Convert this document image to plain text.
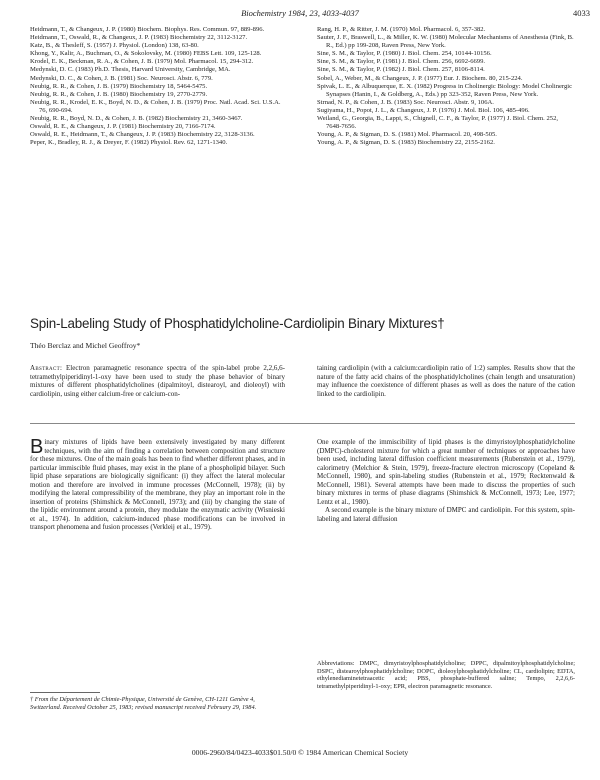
Biochemistry 1984, 23, 4033-4037	4033

Heidmann, T., & Changeux, J. P. (1980) Biochem. Biophys. Res. Commun. 97, 889-896.

Heidmann, T., Oswald, R., & Changeux, J. P. (1983) Biochemistry 22, 3112-3127.

Katz, B., & Thesleff, S. (1957) J. Physiol. (London) 138, 63-80.

Khong, Y., Kalir, A., Buchman, O., & Sokolovsky, M. (1980) FEBS Lett. 109, 125-128.

Krodel, E. K., Beckman, R. A., & Cohen, J. B. (1979) Mol. Pharmacol. 15, 294-312.

Medynski, D. C. (1983) Ph.D. Thesis, Harvard University, Cambridge, MA.

Medynski, D. C., & Cohen, J. B. (1981) Soc. Neurosci. Abstr. 6, 779.

Neubig, R. R., & Cohen, J. B. (1979) Biochemistry 18, 5464-5475.

Neubig, R. R., & Cohen, J. B. (1980) Biochemistry 19, 2770-2779.

Neubig, R. R., Krodel, E. K., Boyd, N. D., & Cohen, J. B. (1979) Proc. Natl. Acad. Sci. U.S.A. 76, 690-694.

Neubig, R. R., Boyd, N. D., & Cohen, J. B. (1982) Biochemistry 21, 3460-3467.

Oswald, R. E., & Changeux, J. P. (1981) Biochemistry 20, 7166-7174.

Oswald, R. E., Heidmann, T., & Changeux, J. P. (1983) Biochemistry 22, 3128-3136.

Peper, K., Bradley, R. J., & Dreyer, F. (1982) Physiol. Rev. 62, 1271-1340.

Rang, H. P., & Ritter, J. M. (1970) Mol. Pharmacol. 6, 357-382.

Sauter, J. F., Braswell, L., & Miller, K. W. (1980) Molecular Mechanisms of Anesthesia (Fink, B. R., Ed.) pp 199-208, Raven Press, New York.

Sine, S. M., & Taylor, P. (1980) J. Biol. Chem. 254, 10144-10156.

Sine, S. M., & Taylor, P. (1981) J. Biol. Chem. 256, 6692-6699.

Sine, S. M., & Taylor, P. (1982) J. Biol. Chem. 257, 8106-8114.

Sobel, A., Weber, M., & Changeux, J. P. (1977) Eur. J. Biochem. 80, 215-224.

Spivak, L. E., & Albuquerque, E. X. (1982) Progress in Cholinergic Biology: Model Cholinergic Synapses (Hanin, I., & Goldberg, A., Eds.) pp 323-352, Raven Press, New York.

Strnad, N. P., & Cohen, J. B. (1983) Soc. Neurosci. Abstr. 9, 106A.

Sugiyama, H., Popot, J. L., & Changeux, J. P. (1976) J. Mol. Biol. 106, 485-496.

Weiland, G., Georgia, B., Lappi, S., Chignell, C. F., & Taylor, P. (1977) J. Biol. Chem. 252, 7648-7656.

Young, A. P., & Sigman, D. S. (1981) Mol. Pharmacol. 20, 498-505.

Young, A. P., & Sigman, D. S. (1983) Biochemistry 22, 2155-2162.

Spin-Labeling Study of Phosphatidylcholine-Cardiolipin Binary Mixtures†
Théo Berclaz and Michel Geoffroy*
Abstract: Electron paramagnetic resonance spectra of the spin-label probe 2,2,6,6-tetramethylpiperidinyl-1-oxy have been used to study the phase behavior of binary mixtures of different phosphatidylcholines (dipalmitoyl, distearoyl, and dioleoyl) with cardiolipin, using either calcium-free or calcium-con-
taining cardiolipin (with a calcium:cardiolipin ratio of 1:2) samples. Results show that the nature of the fatty acid chains of the phosphatidylcholines (chain length and unsaturation) may influence the coexistence of different phases as well as does the nature of the cation linked to the cardiolipin.
Binary mixtures of lipids have been extensively investigated by many different techniques, with the aim of finding a correlation between composition and structure for these mixtures. One of the main goals has been to find whether different phases, and in particular immiscible fluid phases, may exist in the plane of a phospholipid bilayer. Such lipid phase separations are biologically significant: (i) they affect the lateral molecular motion and therefore are involved in immune processes (McConnell, 1978); (ii) by modifying the lateral compressibility of the membrane, they play an important role in the insertion of proteins (Shimshick & McConnell, 1973); and (iii) by changing the state of the lipidic environment around a protein, they modulate the enzymatic activity (Wisnieski et al., 1974). In addition, calcium-induced phase modifications can be involved in transport phenomena and fusion processes (Verkleij et al., 1979).

One example of the immiscibility of lipid phases is the dimyristoylphosphatidylcholine (DMPC)-cholesterol mixture for which a great number of techniques or approaches have been used, including lateral diffusion coefficient measurements (Rubenstein et al., 1979), calorimetry (Melchior & Stein, 1979), freeze-fracture electron microscopy (Copeland & McConnell, 1980), and spin-labeling studies (Rubenstein et al., 1979; Recktenwald & McConnell, 1981). Several attempts have been made to discuss the properties of such binary mixtures in terms of phase diagrams (Shimshick & McConnell, 1973; Lee, 1977; Lentz et al., 1980).

A second example is the binary mixture of DMPC and cardiolipin. For this system, spin-labeling and lateral diffusion

Abbreviations: DMPC, dimyristoylphosphatidylcholine; DPPC, dipalmitoylphosphatidylcholine; DSPC, distearoylphosphatidylcholine; DOPC, dioleoylphosphatidylcholine; CL, cardiolipin; EDTA, ethylenediaminetetraacetic acid; PBS, phosphate-buffered saline; Tempo, 2,2,6,6-tetramethylpiperidinyl-1-oxy; EPR, electron paramagnetic resonance.
† From the Département de Chimie-Physique, Université de Genève, CH-1211 Genève 4, Switzerland. Received October 25, 1983; revised manuscript received February 29, 1984.
0006-2960/84/0423-4033$01.50/0 © 1984 American Chemical Society
